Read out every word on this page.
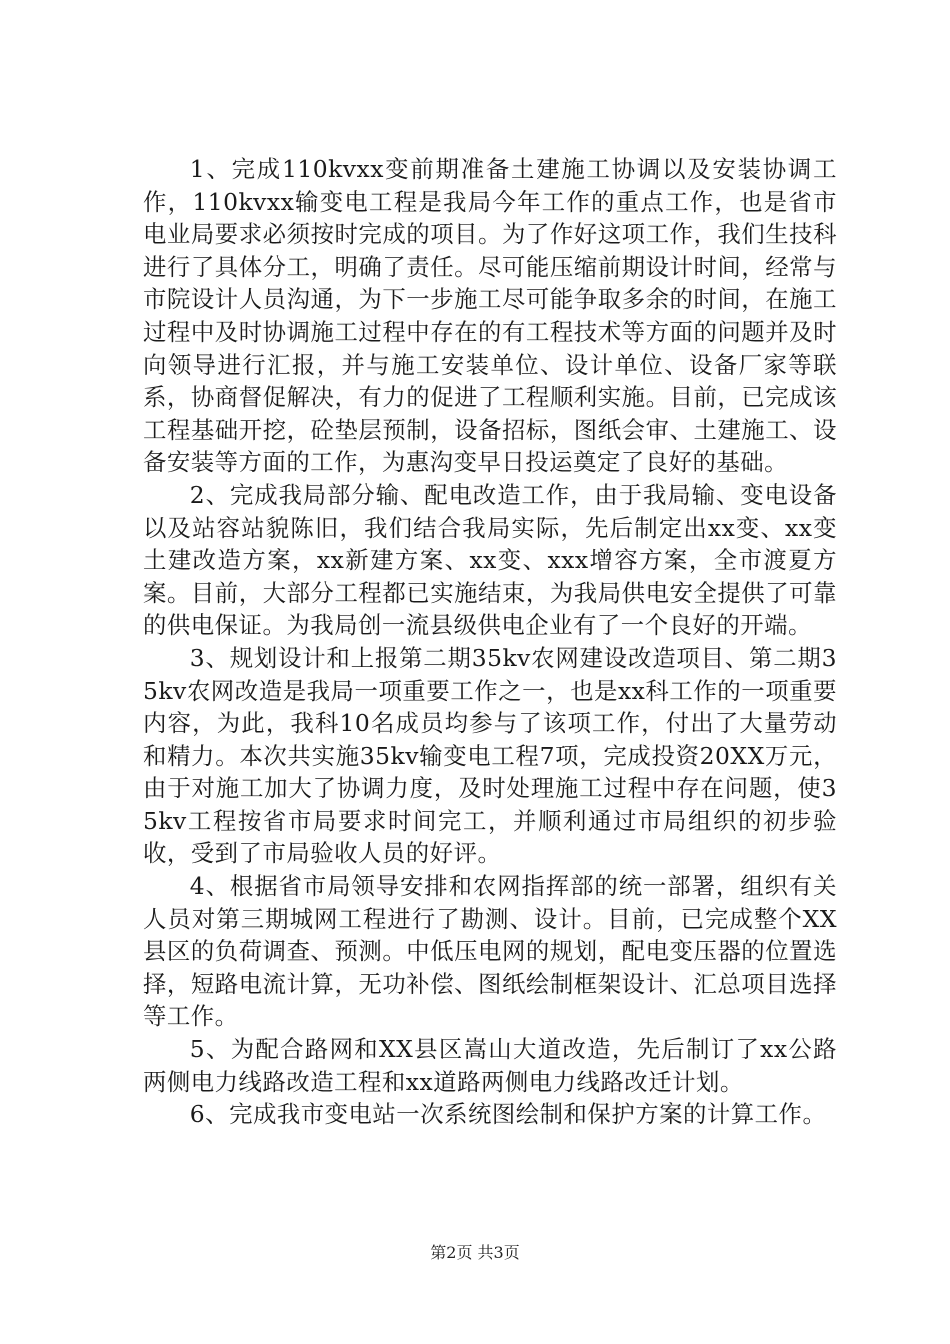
1、完成110kvxx变前期准备土建施工协调以及安装协调工作，110kvxx输变电工程是我局今年工作的重点工作，也是省市电业局要求必须按时完成的项目。为了作好这项工作，我们生技科进行了具体分工，明确了责任。尽可能压缩前期设计时间，经常与市院设计人员沟通，为下一步施工尽可能争取多余的时间，在施工过程中及时协调施工过程中存在的有工程技术等方面的问题并及时向领导进行汇报，并与施工安装单位、设计单位、设备厂家等联系，协商督促解决，有力的促进了工程顺利实施。目前，已完成该工程基础开挖，砼垫层预制，设备招标，图纸会审、土建施工、设备安装等方面的工作，为惠沟变早日投运奠定了良好的基础。

2、完成我局部分输、配电改造工作，由于我局输、变电设备以及站容站貌陈旧，我们结合我局实际，先后制定出xx变、xx变土建改造方案，xx新建方案、xx变、xxx增容方案，全市渡夏方案。目前，大部分工程都已实施结束，为我局供电安全提供了可靠的供电保证。为我局创一流县级供电企业有了一个良好的开端。

3、规划设计和上报第二期35kv农网建设改造项目、第二期35kv农网改造是我局一项重要工作之一，也是xx科工作的一项重要内容，为此，我科10名成员均参与了该项工作，付出了大量劳动和精力。本次共实施35kv输变电工程7项，完成投资20XX万元，由于对施工加大了协调力度，及时处理施工过程中存在问题，使35kv工程按省市局要求时间完工，并顺利通过市局组织的初步验收，受到了市局验收人员的好评。

4、根据省市局领导安排和农网指挥部的统一部署，组织有关人员对第三期城网工程进行了勘测、设计。目前，已完成整个XX县区的负荷调查、预测。中低压电网的规划，配电变压器的位置选择，短路电流计算，无功补偿、图纸绘制框架设计、汇总项目选择等工作。

5、为配合路网和XX县区嵩山大道改造，先后制订了xx公路两侧电力线路改造工程和xx道路两侧电力线路改迁计划。

6、完成我市变电站一次系统图绘制和保护方案的计算工作。

第2页 共3页
